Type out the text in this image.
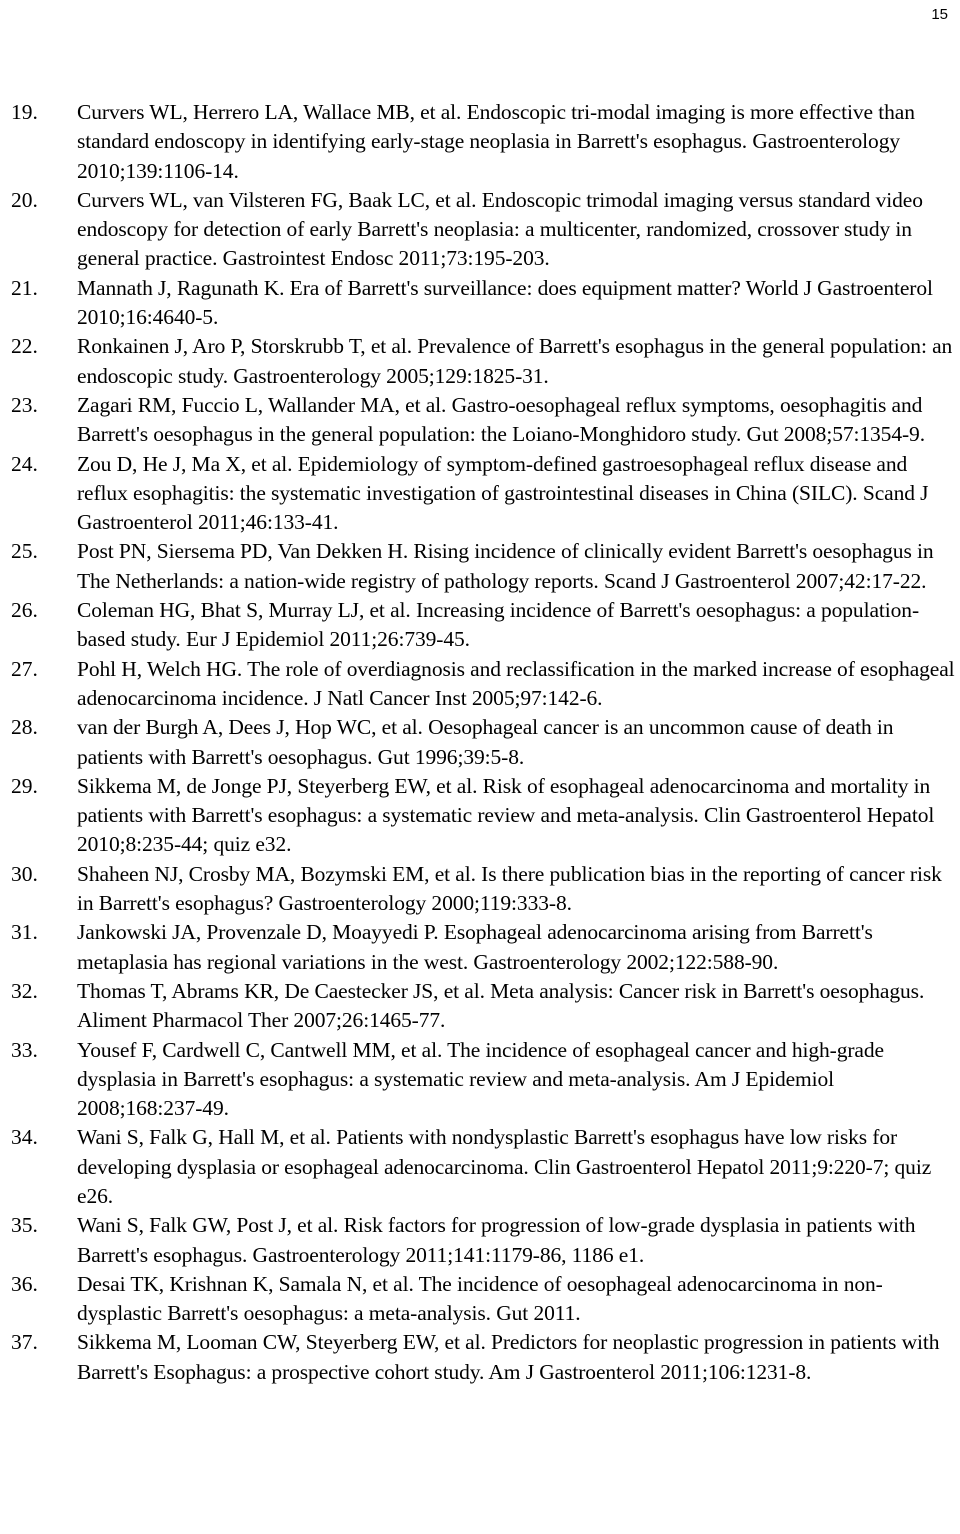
15
19.	Curvers WL, Herrero LA, Wallace MB, et al. Endoscopic tri-modal imaging is more effective than standard endoscopy in identifying early-stage neoplasia in Barrett's esophagus. Gastroenterology 2010;139:1106-14.
20.	Curvers WL, van Vilsteren FG, Baak LC, et al. Endoscopic trimodal imaging versus standard video endoscopy for detection of early Barrett's neoplasia: a multicenter, randomized, crossover study in general practice. Gastrointest Endosc 2011;73:195-203.
21.	Mannath J, Ragunath K. Era of Barrett's surveillance: does equipment matter? World J Gastroenterol 2010;16:4640-5.
22.	Ronkainen J, Aro P, Storskrubb T, et al. Prevalence of Barrett's esophagus in the general population: an endoscopic study. Gastroenterology 2005;129:1825-31.
23.	Zagari RM, Fuccio L, Wallander MA, et al. Gastro-oesophageal reflux symptoms, oesophagitis and Barrett's oesophagus in the general population: the Loiano-Monghidoro study. Gut 2008;57:1354-9.
24.	Zou D, He J, Ma X, et al. Epidemiology of symptom-defined gastroesophageal reflux disease and reflux esophagitis: the systematic investigation of gastrointestinal diseases in China (SILC). Scand J Gastroenterol 2011;46:133-41.
25.	Post PN, Siersema PD, Van Dekken H. Rising incidence of clinically evident Barrett's oesophagus in The Netherlands: a nation-wide registry of pathology reports. Scand J Gastroenterol 2007;42:17-22.
26.	Coleman HG, Bhat S, Murray LJ, et al. Increasing incidence of Barrett's oesophagus: a population-based study. Eur J Epidemiol 2011;26:739-45.
27.	Pohl H, Welch HG. The role of overdiagnosis and reclassification in the marked increase of esophageal adenocarcinoma incidence. J Natl Cancer Inst 2005;97:142-6.
28.	van der Burgh A, Dees J, Hop WC, et al. Oesophageal cancer is an uncommon cause of death in patients with Barrett's oesophagus. Gut 1996;39:5-8.
29.	Sikkema M, de Jonge PJ, Steyerberg EW, et al. Risk of esophageal adenocarcinoma and mortality in patients with Barrett's esophagus: a systematic review and meta-analysis. Clin Gastroenterol Hepatol 2010;8:235-44; quiz e32.
30.	Shaheen NJ, Crosby MA, Bozymski EM, et al. Is there publication bias in the reporting of cancer risk in Barrett's esophagus? Gastroenterology 2000;119:333-8.
31.	Jankowski JA, Provenzale D, Moayyedi P. Esophageal adenocarcinoma arising from Barrett's metaplasia has regional variations in the west. Gastroenterology 2002;122:588-90.
32.	Thomas T, Abrams KR, De Caestecker JS, et al. Meta analysis: Cancer risk in Barrett's oesophagus. Aliment Pharmacol Ther 2007;26:1465-77.
33.	Yousef F, Cardwell C, Cantwell MM, et al. The incidence of esophageal cancer and high-grade dysplasia in Barrett's esophagus: a systematic review and meta-analysis. Am J Epidemiol 2008;168:237-49.
34.	Wani S, Falk G, Hall M, et al. Patients with nondysplastic Barrett's esophagus have low risks for developing dysplasia or esophageal adenocarcinoma. Clin Gastroenterol Hepatol 2011;9:220-7; quiz e26.
35.	Wani S, Falk GW, Post J, et al. Risk factors for progression of low-grade dysplasia in patients with Barrett's esophagus. Gastroenterology 2011;141:1179-86, 1186 e1.
36.	Desai TK, Krishnan K, Samala N, et al. The incidence of oesophageal adenocarcinoma in non-dysplastic Barrett's oesophagus: a meta-analysis. Gut 2011.
37.	Sikkema M, Looman CW, Steyerberg EW, et al. Predictors for neoplastic progression in patients with Barrett's Esophagus: a prospective cohort study. Am J Gastroenterol 2011;106:1231-8.
